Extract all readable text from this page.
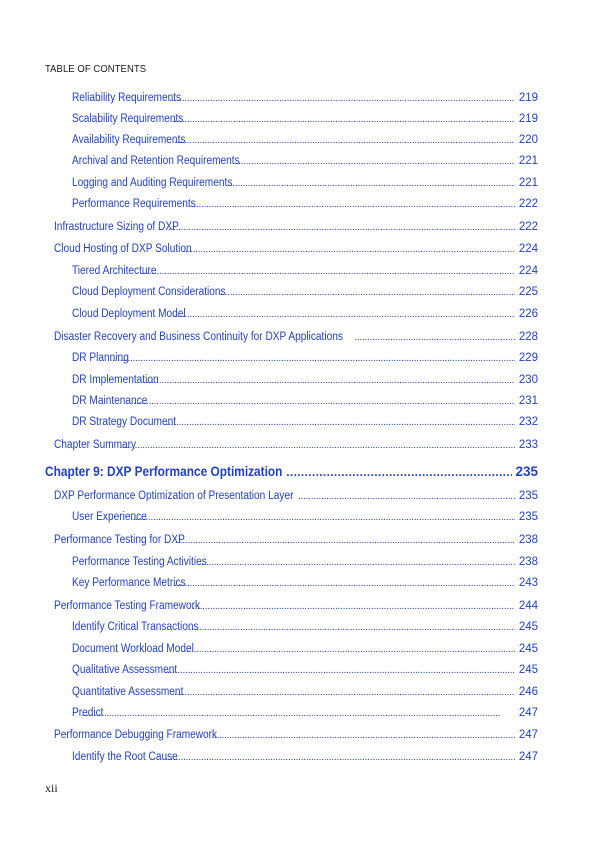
TABLE OF CONTENTS
Reliability Requirements . . .	219
Scalability Requirements . . .	219
Availability Requirements . . .	220
Archival and Retention Requirements . . .	221
Logging and Auditing Requirements . . .	221
Performance Requirements . . .	222
Infrastructure Sizing of DXP . . .	222
Cloud Hosting of DXP Solution . . .	224
Tiered Architecture . . .	224
Cloud Deployment Considerations . . .	225
Cloud Deployment Model . . .	226
Disaster Recovery and Business Continuity for DXP Applications . . .	228
DR Planning . . .	229
DR Implementation . . .	230
DR Maintenance . . .	231
DR Strategy Document . . .	232
Chapter Summary . . .	233
Chapter 9: DXP Performance Optimization . . .	235
DXP Performance Optimization of Presentation Layer . . .	235
User Experience . . .	235
Performance Testing for DXP . . .	238
Performance Testing Activities . . .	238
Key Performance Metrics . . .	243
Performance Testing Framework . . .	244
Identify Critical Transactions . . .	245
Document Workload Model . . .	245
Qualitative Assessment . . .	245
Quantitative Assessment . . .	246
Predict . . .	247
Performance Debugging Framework . . .	247
Identify the Root Cause . . .	247
xii
